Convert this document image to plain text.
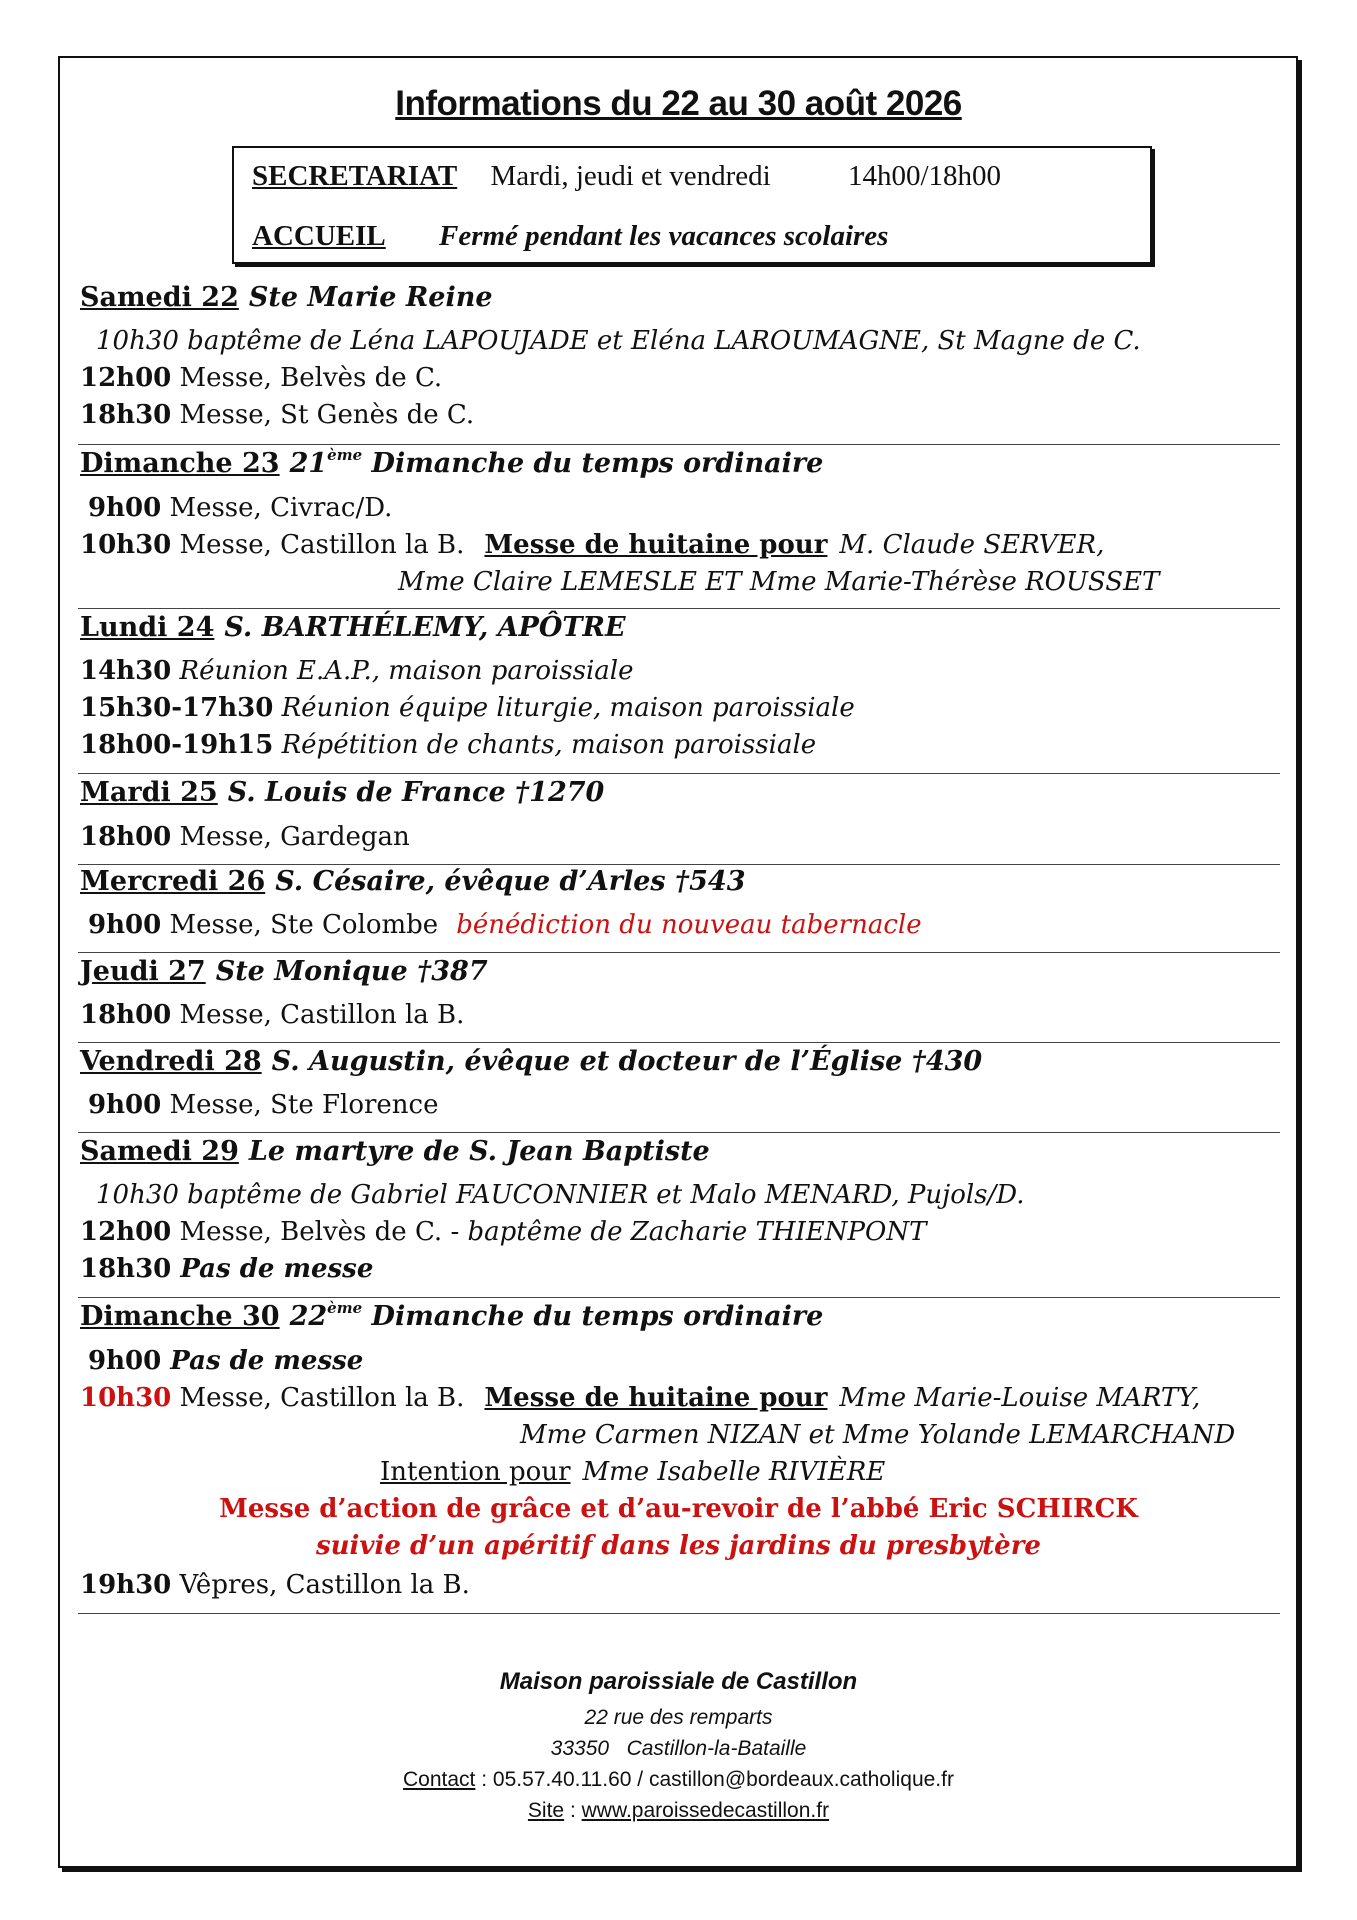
Informations du 22 au 30 août 2026
SECRETARIAT Mardi, jeudi et vendredi	14h00/18h00
ACCUEIL Fermé pendant les vacances scolaires
Samedi 22 Ste Marie Reine
10h30 baptême de Léna LAPOUJADE et Eléna LAROUMAGNE, St Magne de C.
12h00 Messe, Belvès de C.
18h30 Messe, St Genès de C.
Dimanche 23 21ème Dimanche du temps ordinaire
9h00 Messe, Civrac/D.
10h30 Messe, Castillon la B. Messe de huitaine pour M. Claude SERVER,
Mme Claire LEMESLE ET Mme Marie-Thérèse ROUSSET
Lundi 24 S. BARTHÉLEMY, APÔTRE
14h30 Réunion E.A.P., maison paroissiale
15h30-17h30 Réunion équipe liturgie, maison paroissiale
18h00-19h15 Répétition de chants, maison paroissiale
Mardi 25 S. Louis de France †1270
18h00 Messe, Gardegan
Mercredi 26 S. Césaire, évêque d’Arles †543
9h00 Messe, Ste Colombe bénédiction du nouveau tabernacle
Jeudi 27 Ste Monique †387
18h00 Messe, Castillon la B.
Vendredi 28 S. Augustin, évêque et docteur de l’Église †430
9h00 Messe, Ste Florence
Samedi 29 Le martyre de S. Jean Baptiste
10h30 baptême de Gabriel FAUCONNIER et Malo MENARD, Pujols/D.
12h00 Messe, Belvès de C. - baptême de Zacharie THIENPONT
18h30 Pas de messe
Dimanche 30 22ème Dimanche du temps ordinaire
9h00 Pas de messe
10h30 Messe, Castillon la B. Messe de huitaine pour Mme Marie-Louise MARTY,
Mme Carmen NIZAN et Mme Yolande LEMARCHAND
Intention pour Mme Isabelle RIVIÈRE
Messe d’action de grâce et d’au-revoir de l’abbé Eric SCHIRCK
suivie d’un apéritif dans les jardins du presbytère
19h30 Vêpres, Castillon la B.
Maison paroissiale de Castillon
22 rue des remparts
33350   Castillon-la-Bataille
Contact : 05.57.40.11.60 / castillon@bordeaux.catholique.fr
Site : www.paroissedecastillon.fr
